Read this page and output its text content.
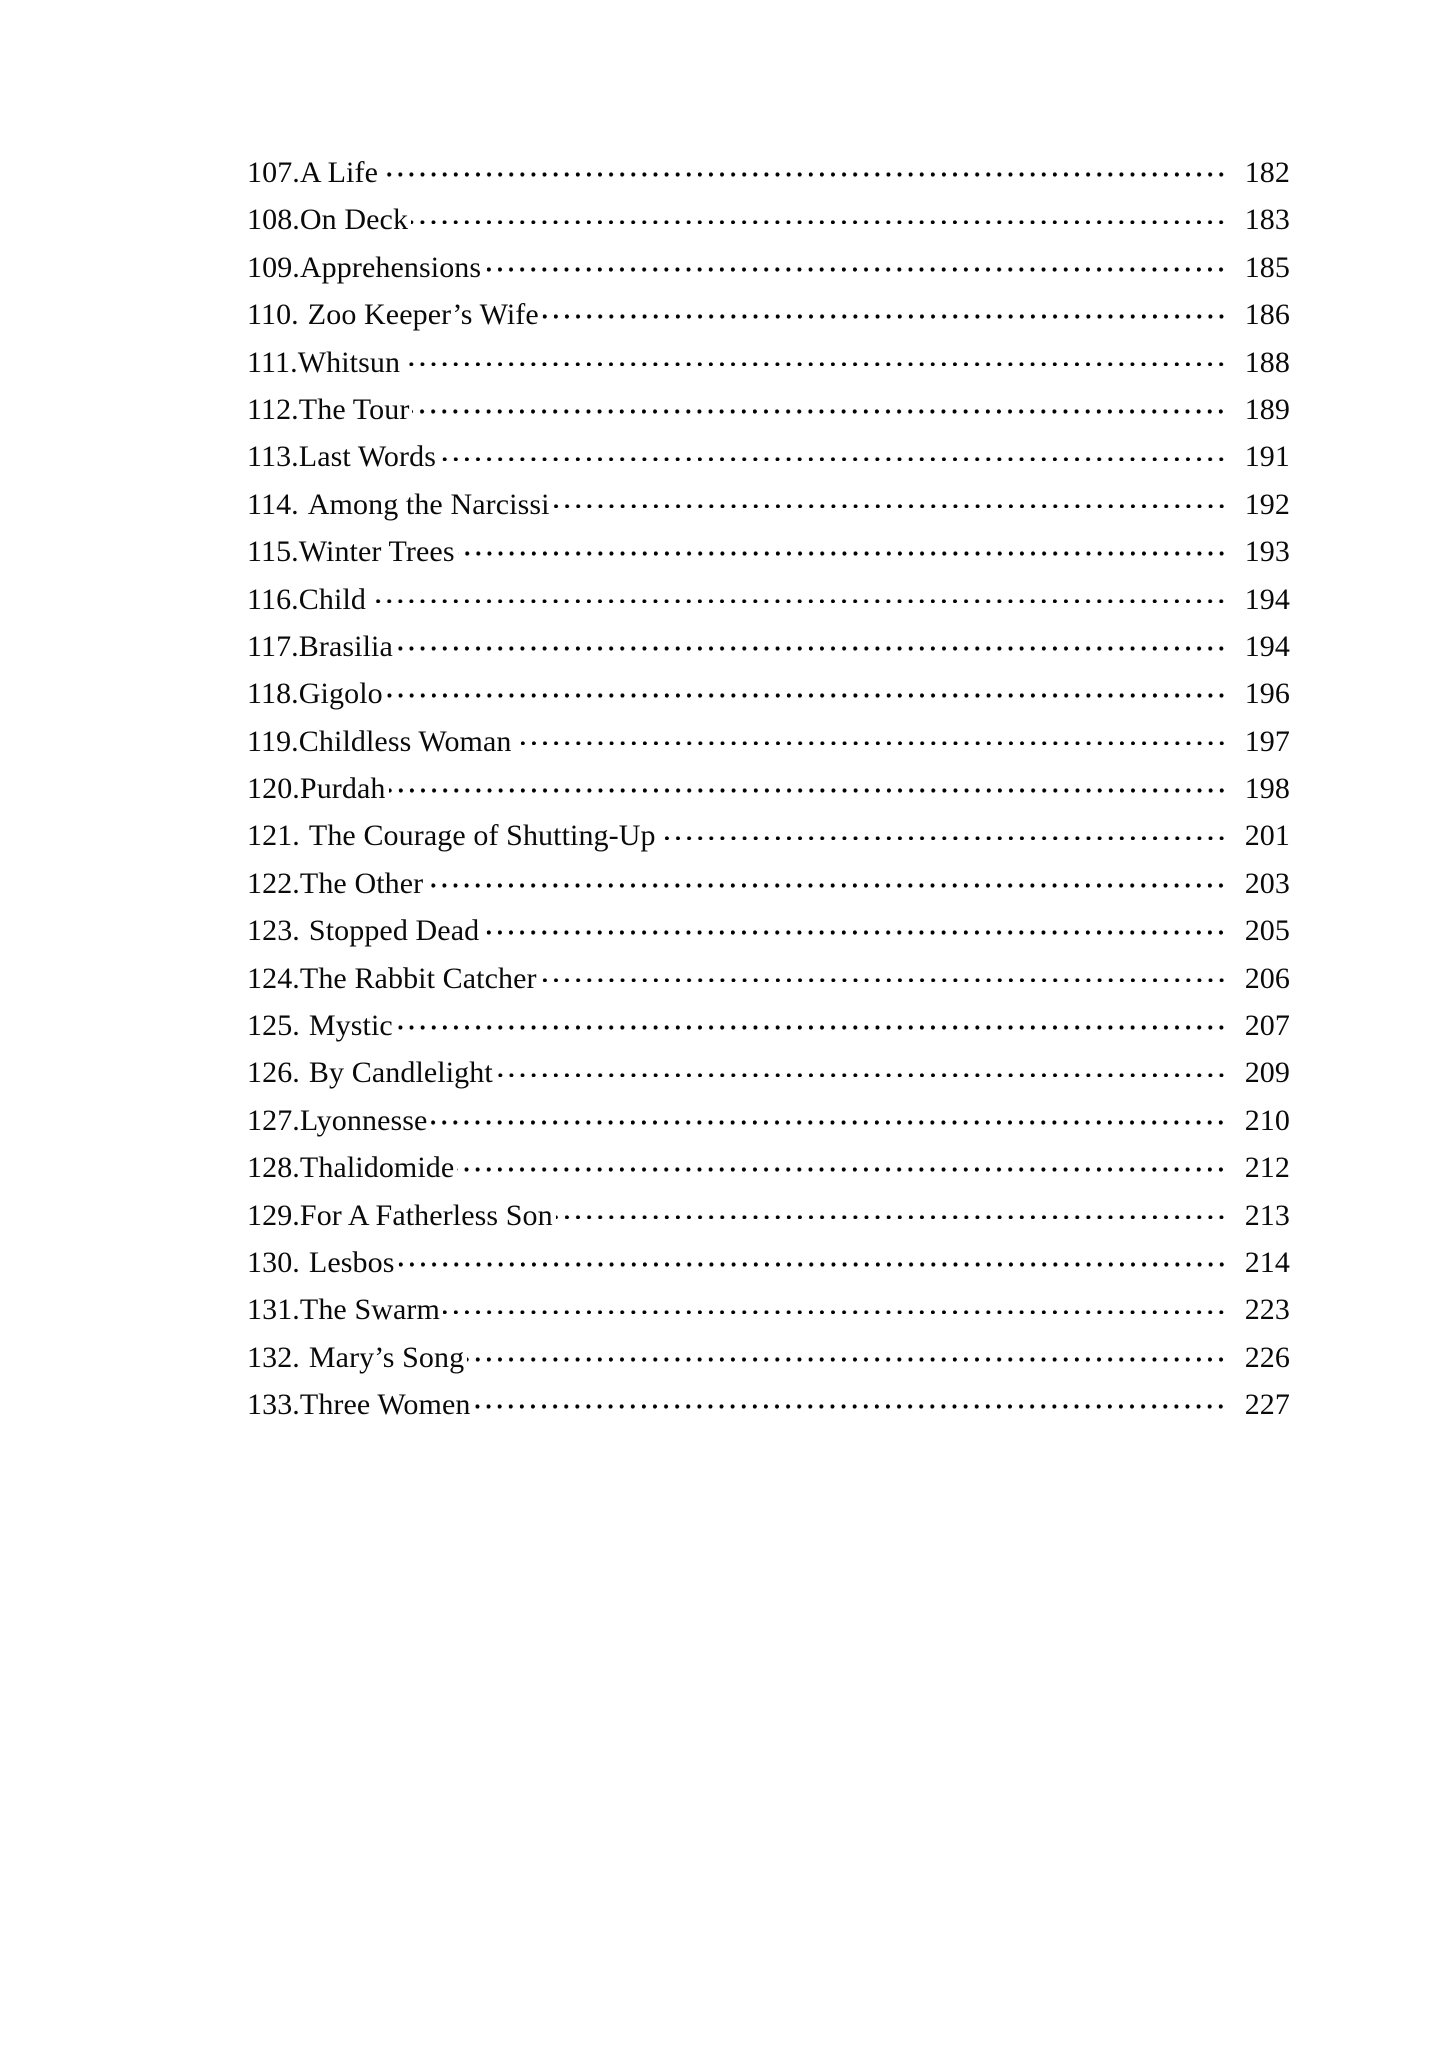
107. A Life	182
108. On Deck	183
109. Apprehensions	185
110. Zoo Keeper’s Wife	186
111. Whitsun	188
112. The Tour	189
113. Last Words	191
114. Among the Narcissi	192
115. Winter Trees	193
116. Child	194
117. Brasilia	194
118. Gigolo	196
119. Childless Woman	197
120. Purdah	198
121. The Courage of Shutting-Up	201
122. The Other	203
123. Stopped Dead	205
124. The Rabbit Catcher	206
125. Mystic	207
126. By Candlelight	209
127. Lyonnesse	210
128. Thalidomide	212
129. For A Fatherless Son	213
130. Lesbos	214
131. The Swarm	223
132. Mary’s Song	226
133. Three Women	227
